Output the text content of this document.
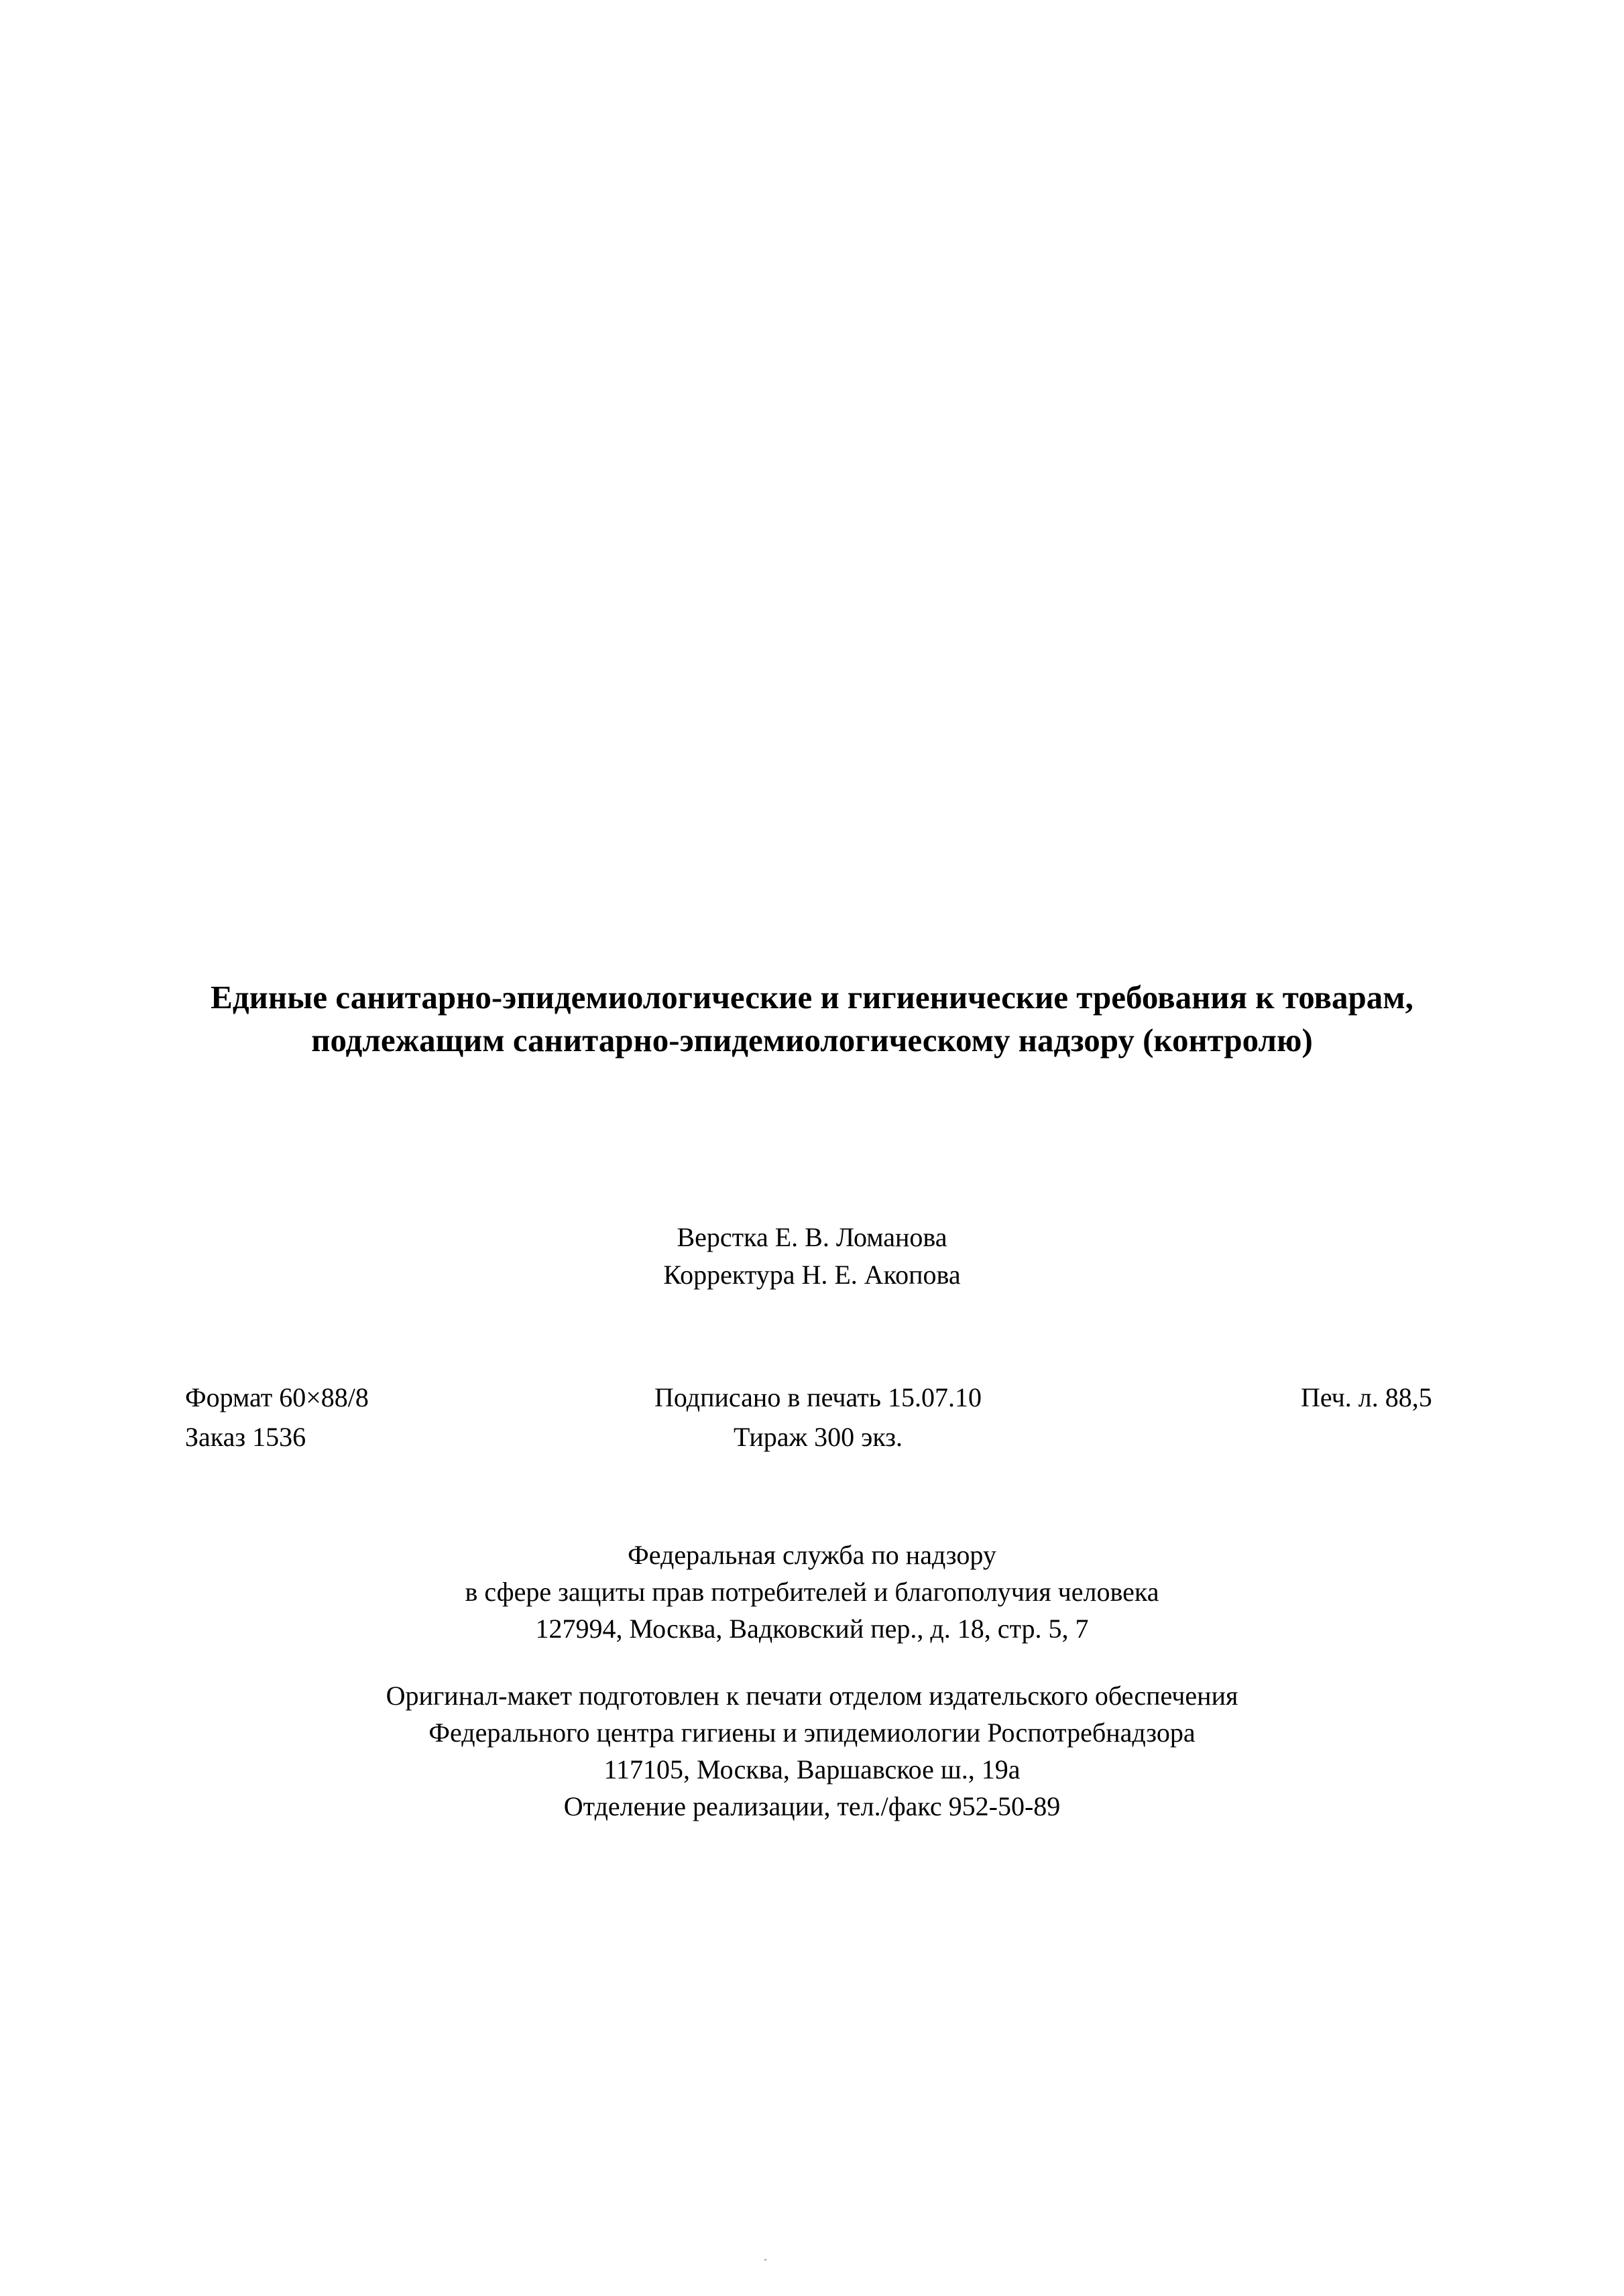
Единые санитарно-эпидемиологические и гигиенические требования к товарам,
подлежащим санитарно-эпидемиологическому надзору (контролю)
Верстка Е. В. Ломанова
Корректура Н. Е. Акопова
Формат 60×88/8
Заказ 1536
Подписано в печать 15.07.10
Тираж 300 экз.
Печ. л. 88,5
Федеральная служба по надзору
в сфере защиты прав потребителей и благополучия человека
127994, Москва, Вадковский пер., д. 18, стр. 5, 7
Оригинал-макет подготовлен к печати отделом издательского обеспечения
Федерального центра гигиены и эпидемиологии Роспотребнадзора
117105, Москва, Варшавское ш., 19а
Отделение реализации, тел./факс 952-50-89
